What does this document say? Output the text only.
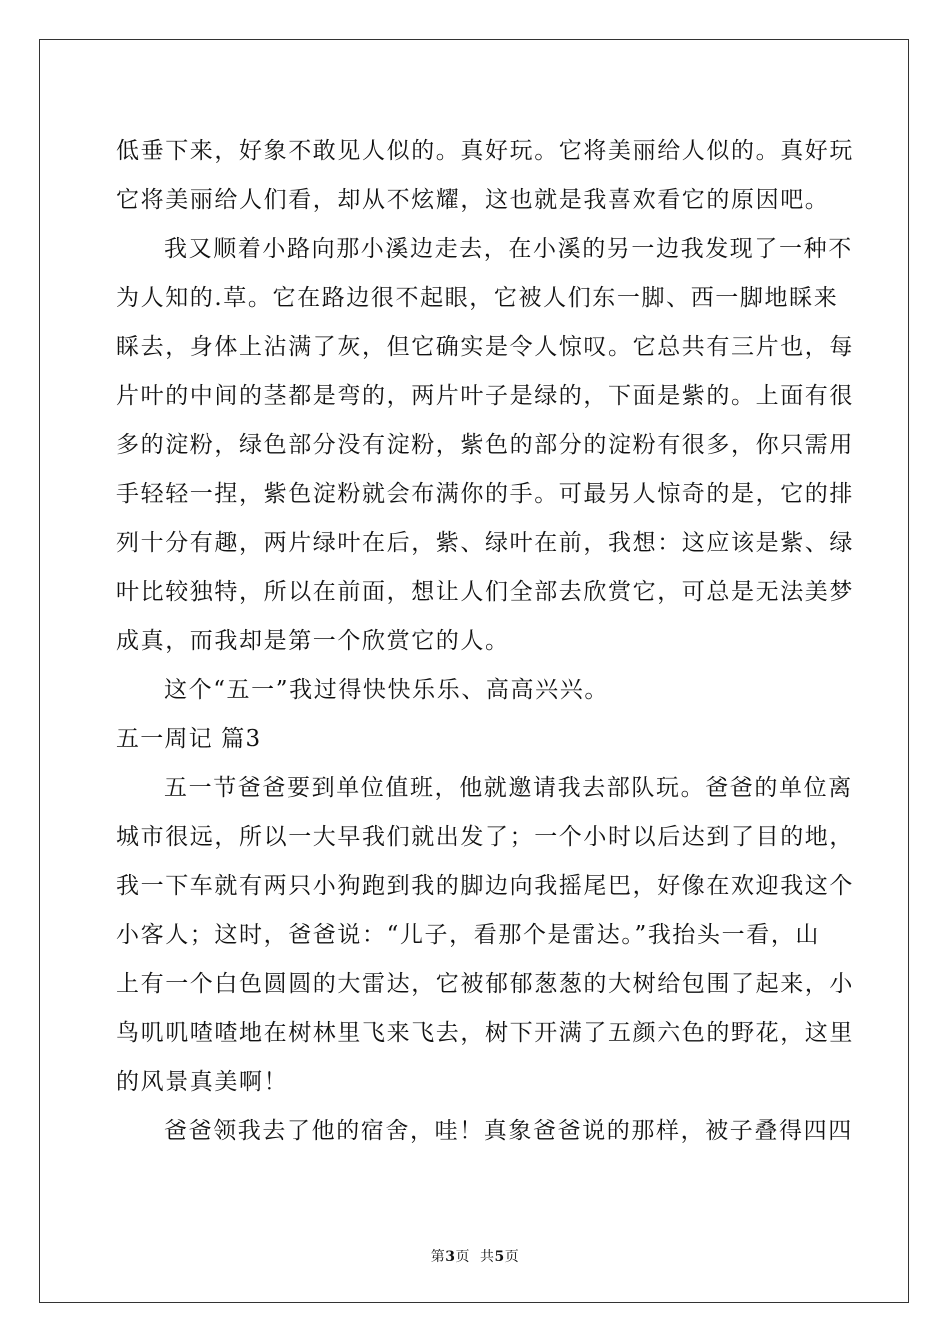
低垂下来，好象不敢见人似的。真好玩。它将美丽给人似的。真好玩
它将美丽给人们看，却从不炫耀，这也就是我喜欢看它的原因吧。
我又顺着小路向那小溪边走去，在小溪的另一边我发现了一种不
为人知的.草。它在路边很不起眼，它被人们东一脚、西一脚地睬来
睬去，身体上沾满了灰，但它确实是令人惊叹。它总共有三片也，每
片叶的中间的茎都是弯的，两片叶子是绿的，下面是紫的。上面有很
多的淀粉，绿色部分没有淀粉，紫色的部分的淀粉有很多，你只需用
手轻轻一捏，紫色淀粉就会布满你的手。可最另人惊奇的是，它的排
列十分有趣，两片绿叶在后，紫、绿叶在前，我想：这应该是紫、绿
叶比较独特，所以在前面，想让人们全部去欣赏它，可总是无法美梦
成真，而我却是第一个欣赏它的人。
这个“五一”我过得快快乐乐、高高兴兴。
五一周记 篇3
五一节爸爸要到单位值班，他就邀请我去部队玩。爸爸的单位离
城市很远，所以一大早我们就出发了；一个小时以后达到了目的地，
我一下车就有两只小狗跑到我的脚边向我摇尾巴，好像在欢迎我这个
小客人；这时，爸爸说：“儿子，看那个是雷达。”我抬头一看，山
上有一个白色圆圆的大雷达，它被郁郁葱葱的大树给包围了起来，小
鸟叽叽喳喳地在树林里飞来飞去，树下开满了五颜六色的野花，这里
的风景真美啊！
爸爸领我去了他的宿舍，哇！真象爸爸说的那样，被子叠得四四
第3页  共5页
